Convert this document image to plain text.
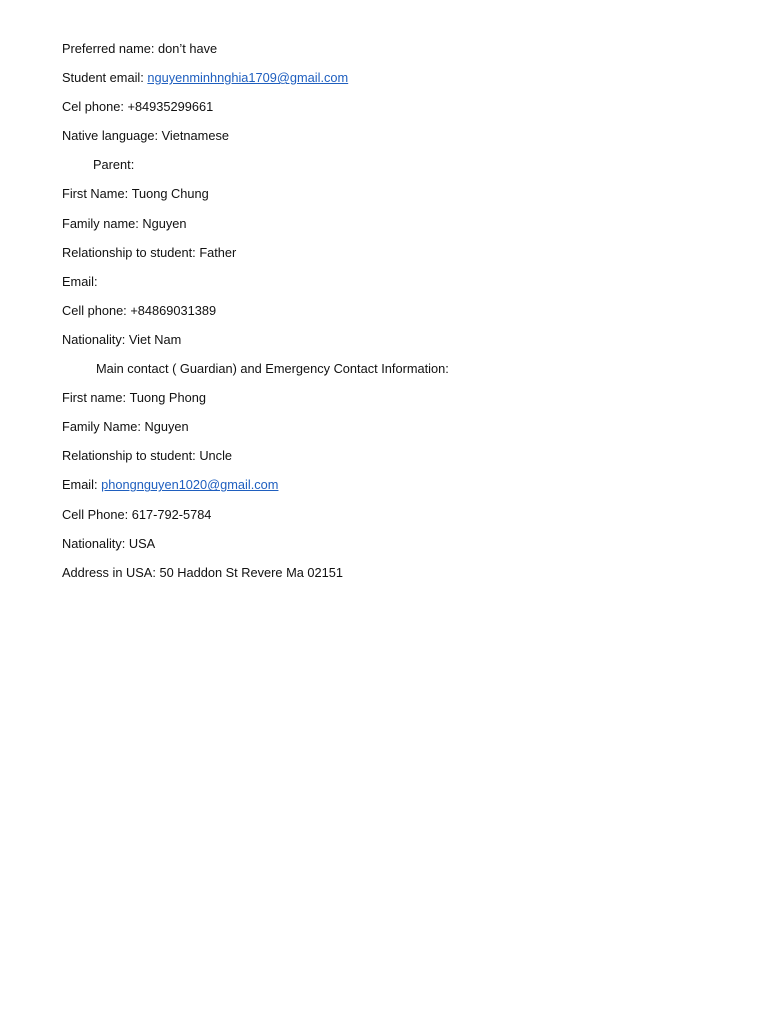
Preferred name:
don’t have
Student email:
nguyenminhnghia1709@gmail.com
Cel phone:
+84935299661
Native language:
Vietnamese
Parent:
First Name:
Tuong Chung
Family name:
Nguyen
Relationship to student:
Father
Email:

Cell phone:
+84869031389
Nationality:
Viet Nam
Main contact ( Guardian) and Emergency Contact Information:
First name:
Tuong Phong
Family Name:
Nguyen
Relationship to student:
Uncle
Email:
phongnguyen1020@gmail.com
Cell Phone:
617-792-5784
Nationality:
USA
Address in USA:
50 Haddon St Revere Ma 02151
